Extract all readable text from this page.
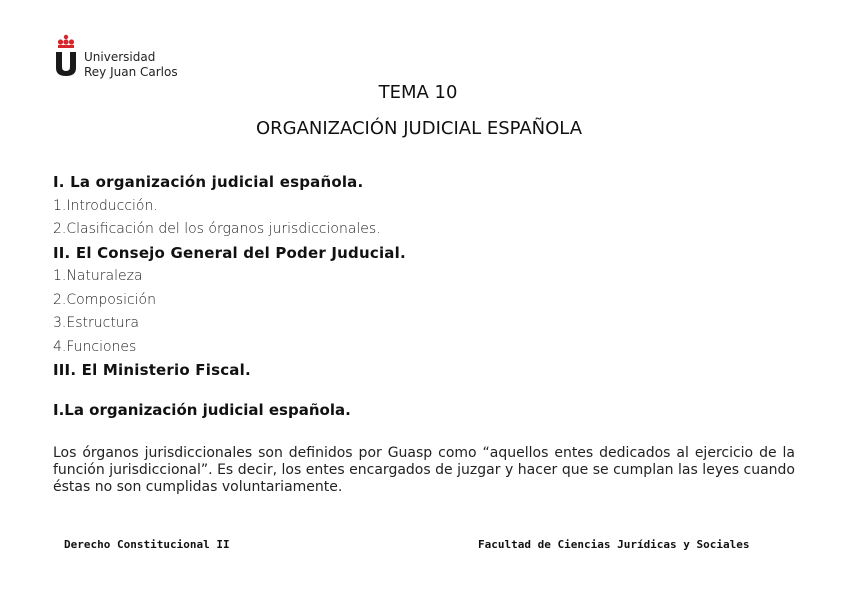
Universidad
Rey Juan Carlos
TEMA 10
ORGANIZACIÓN JUDICIAL ESPAÑOLA
I. La organización judicial española.
1.Introducción.
2.Clasificación del los órganos jurisdiccionales.
II. El Consejo General del Poder Juducial.
1.Naturaleza
2.Composición
3.Estructura
4.Funciones
III. El Ministerio Fiscal.
I.La organización judicial española.
Los órganos jurisdiccionales son definidos por Guasp como “aquellos entes dedicados al ejercicio de la función jurisdiccional”. Es decir, los entes encargados de juzgar y hacer que se cumplan las leyes cuando éstas no son cumplidas voluntariamente.
Derecho Constitucional II	Facultad de Ciencias Jurídicas y Sociales
